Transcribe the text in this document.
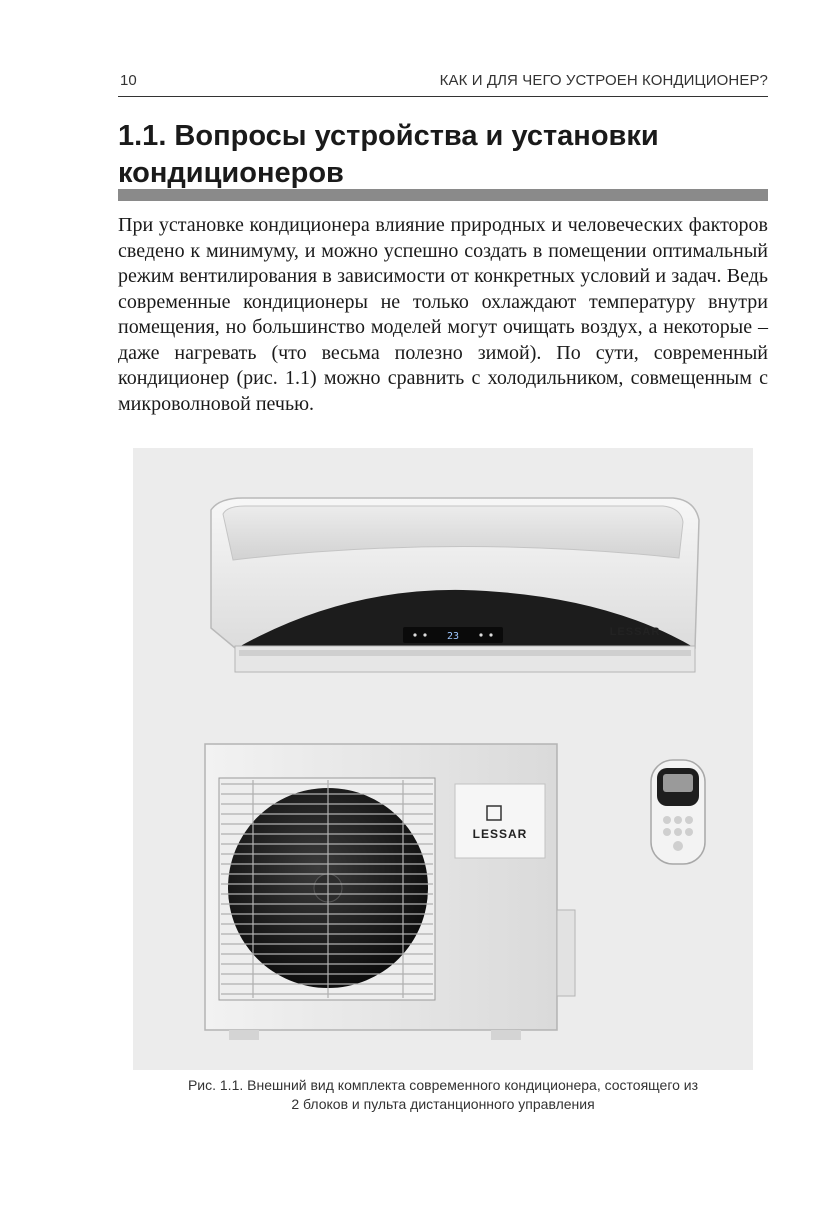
10	КАК И ДЛЯ ЧЕГО УСТРОЕН КОНДИЦИОНЕР?
1.1. Вопросы устройства и установки кондиционеров

При установке кондиционера влияние природных и человеческих факторов сведено к минимуму, и можно успешно создать в помещении оптимальный режим вентилирования в зависимости от конкретных условий и задач. Ведь современные кондиционеры не только охлаждают температуру внутри помещения, но большинство моделей могут очищать воздух, а некоторые – даже нагревать (что весьма полезно зимой). По сути, современный кондиционер (рис. 1.1) можно сравнить с холодильником, совмещенным с микроволновой печью.

23	LESSAR
LESSAR
Рис. 1.1. Внешний вид комплекта современного кондиционера, состоящего из
2 блоков и пульта дистанционного управления
